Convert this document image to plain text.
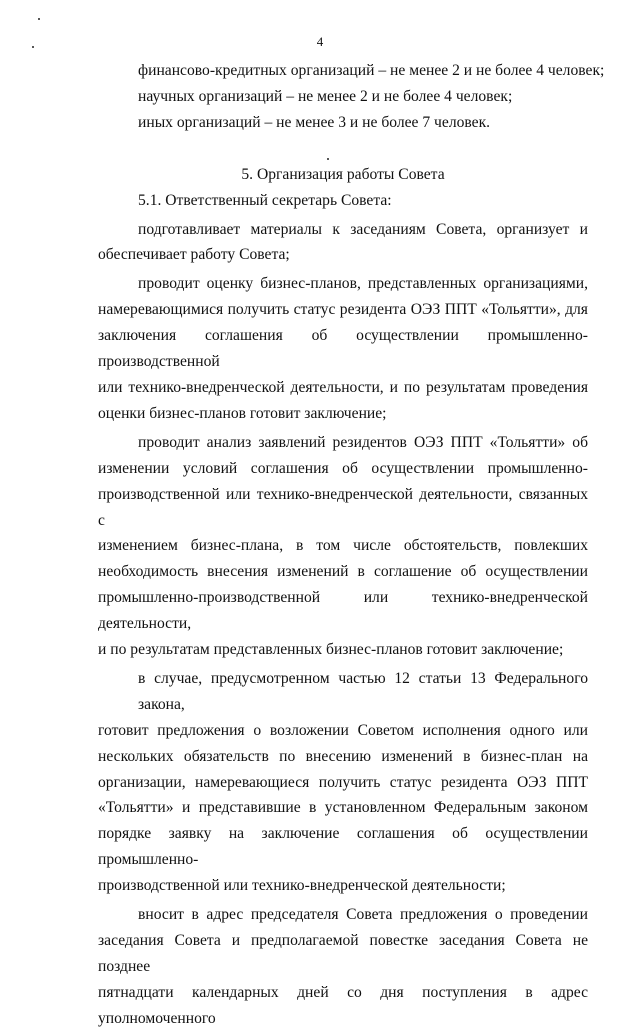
4
финансово-кредитных организаций – не менее 2 и не более 4 человек;
научных организаций – не менее 2 и не более 4 человек;
иных организаций – не менее 3 и не более 7 человек.
5. Организация работы Совета
5.1. Ответственный секретарь Совета:
подготавливает материалы к заседаниям Совета, организует и
обеспечивает работу Совета;
проводит оценку бизнес-планов, представленных организациями,
намеревающимися получить статус резидента ОЭЗ ППТ «Тольятти», для
заключения соглашения об осуществлении промышленно-производственной
или технико-внедренческой деятельности, и по результатам проведения
оценки бизнес-планов готовит заключение;
проводит анализ заявлений резидентов ОЭЗ ППТ «Тольятти» об
изменении условий соглашения об осуществлении промышленно-
производственной или технико-внедренческой деятельности, связанных с
изменением бизнес-плана, в том числе обстоятельств, повлекших
необходимость внесения изменений в соглашение об осуществлении
промышленно-производственной или технико-внедренческой деятельности,
и по результатам представленных бизнес-планов готовит заключение;
в случае, предусмотренном частью 12 статьи 13 Федерального закона,
готовит предложения о возложении Советом исполнения одного или
нескольких обязательств по внесению изменений в бизнес-план на
организации, намеревающиеся получить статус резидента ОЭЗ ППТ
«Тольятти» и представившие в установленном Федеральным законом
порядке заявку на заключение соглашения об осуществлении промышленно-
производственной или технико-внедренческой деятельности;
вносит в адрес председателя Совета предложения о проведении
заседания Совета и предполагаемой повестке заседания Совета не позднее
пятнадцати календарных дней со дня поступления в адрес уполномоченного
